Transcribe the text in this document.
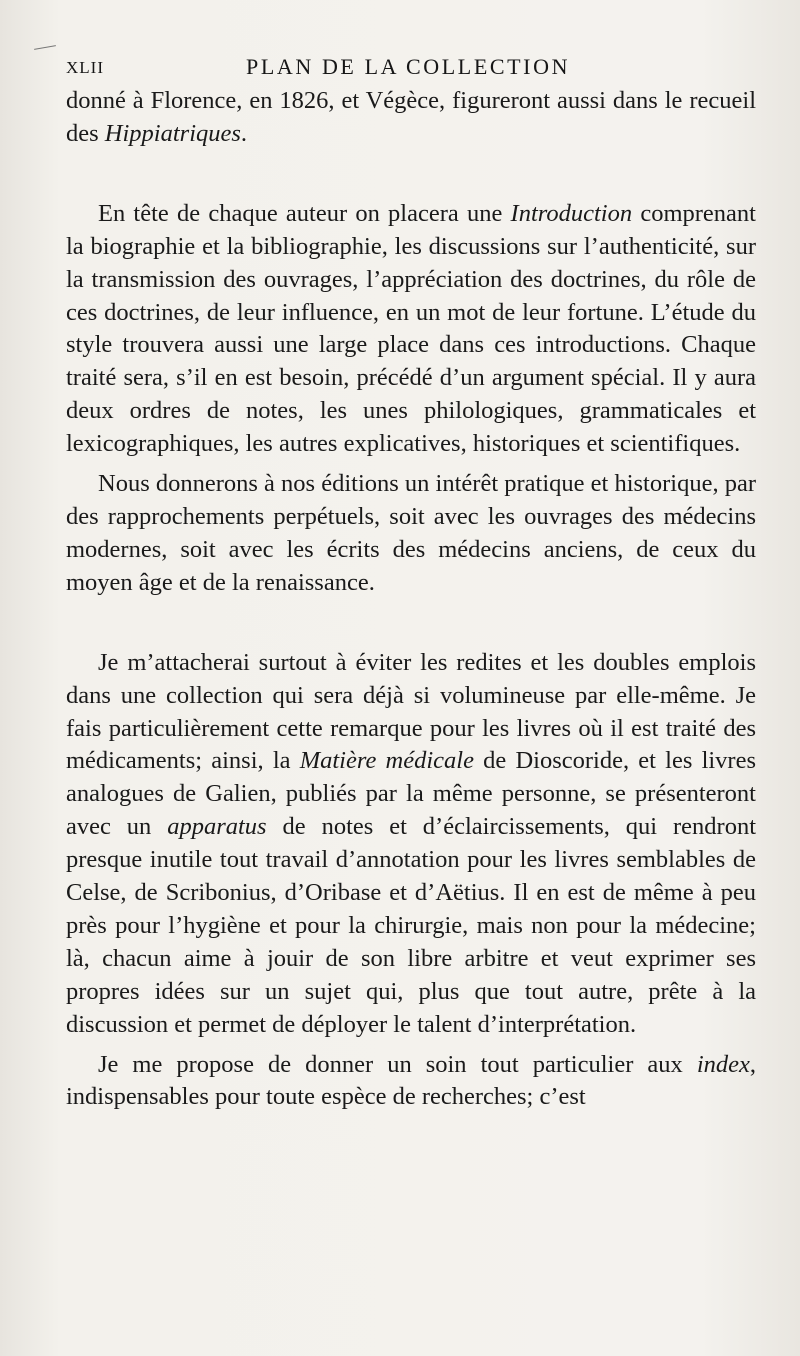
XLII	PLAN DE LA COLLECTION

donné à Florence, en 1826, et Végèce, figureront aussi dans le recueil des Hippiatriques.

En tête de chaque auteur on placera une Introduction comprenant la biographie et la bibliographie, les discussions sur l’authenticité, sur la transmission des ouvrages, l’appréciation des doctrines, du rôle de ces doctrines, de leur influence, en un mot de leur fortune. L’étude du style trouvera aussi une large place dans ces introductions. Chaque traité sera, s’il en est besoin, précédé d’un argument spécial. Il y aura deux ordres de notes, les unes philologiques, grammaticales et lexicographiques, les autres explicatives, historiques et scientifiques.

Nous donnerons à nos éditions un intérêt pratique et historique, par des rapprochements perpétuels, soit avec les ouvrages des médecins modernes, soit avec les écrits des médecins anciens, de ceux du moyen âge et de la renaissance.

Je m’attacherai surtout à éviter les redites et les doubles emplois dans une collection qui sera déjà si volumineuse par elle-même. Je fais particulièrement cette remarque pour les livres où il est traité des médicaments; ainsi, la Matière médicale de Dioscoride, et les livres analogues de Galien, publiés par la même personne, se présenteront avec un apparatus de notes et d’éclaircissements, qui rendront presque inutile tout travail d’annotation pour les livres semblables de Celse, de Scribonius, d’Oribase et d’Aëtius. Il en est de même à peu près pour l’hygiène et pour la chirurgie, mais non pour la médecine; là, chacun aime à jouir de son libre arbitre et veut exprimer ses propres idées sur un sujet qui, plus que tout autre, prête à la discussion et permet de déployer le talent d’interprétation.

Je me propose de donner un soin tout particulier aux index, indispensables pour toute espèce de recherches; c’est
